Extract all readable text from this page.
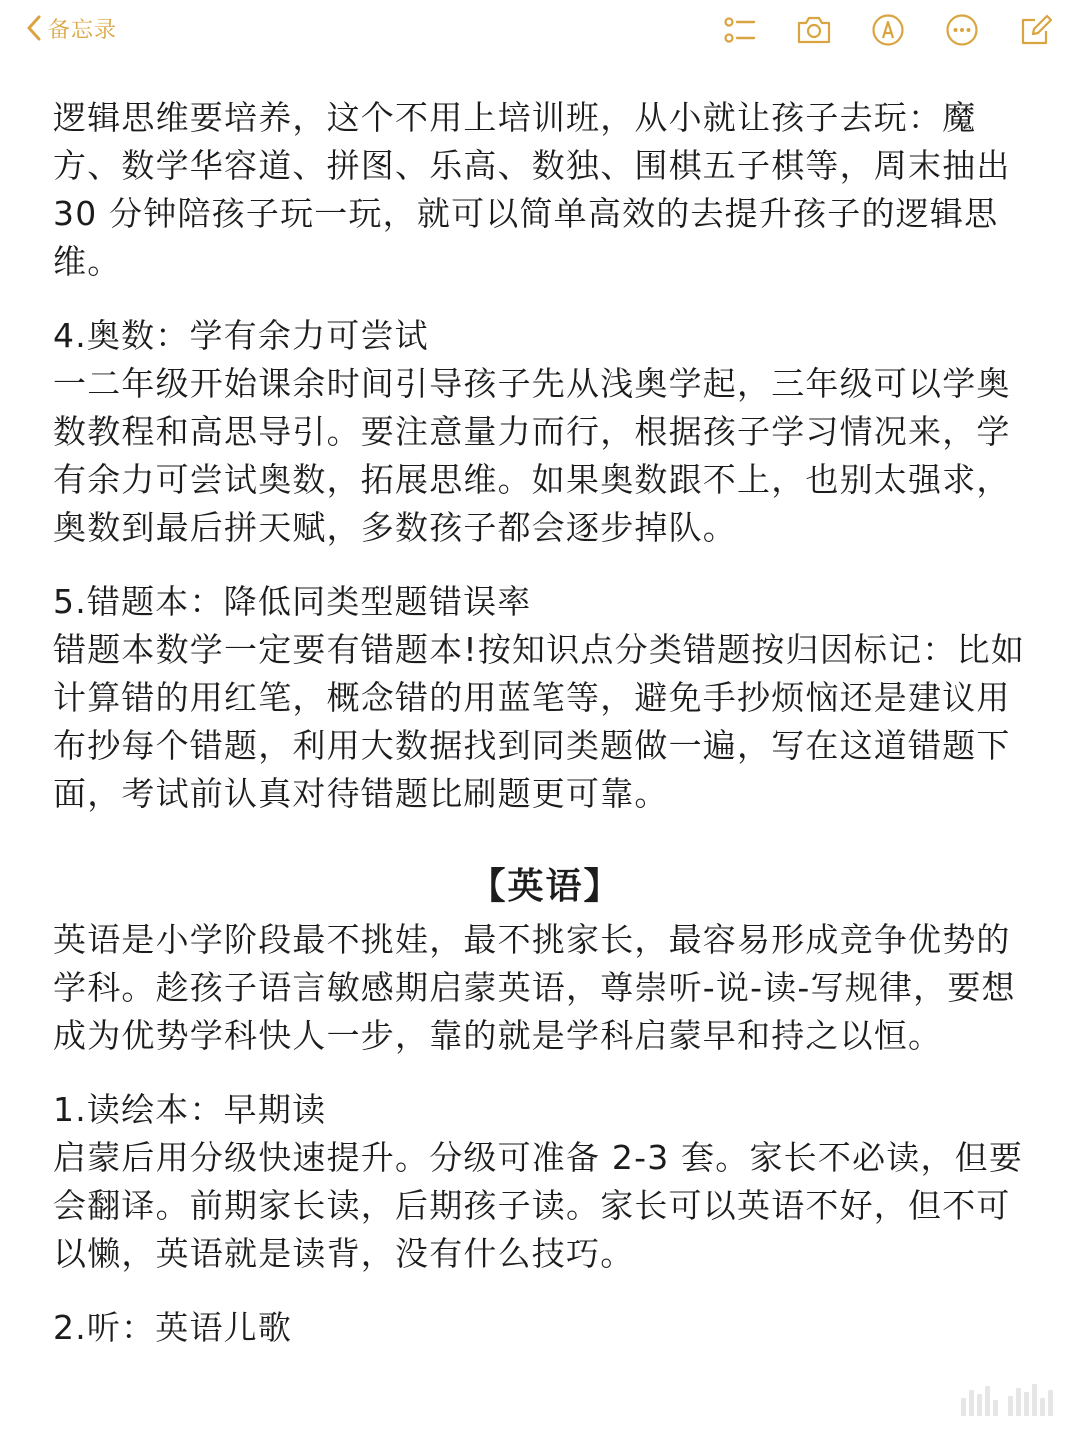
备忘录

逻辑思维要培养，这个不用上培训班，从小就让孩子去玩：魔方、数学华容道、拼图、乐高、数独、围棋五子棋等，周末抽出 30 分钟陪孩子玩一玩，就可以简单高效的去提升孩子的逻辑思维。

4.奥数：学有余力可尝试

一二年级开始课余时间引导孩子先从浅奥学起，三年级可以学奥数教程和高思导引。要注意量力而行，根据孩子学习情况来，学有余力可尝试奥数，拓展思维。如果奥数跟不上，也别太强求，奥数到最后拼天赋，多数孩子都会逐步掉队。

5.错题本：降低同类型题错误率

错题本数学一定要有错题本!按知识点分类错题按归因标记：比如计算错的用红笔，概念错的用蓝笔等，避免手抄烦恼还是建议用布抄每个错题，利用大数据找到同类题做一遍，写在这道错题下面，考试前认真对待错题比刷题更可靠。

【英语】

英语是小学阶段最不挑娃，最不挑家长，最容易形成竞争优势的学科。趁孩子语言敏感期启蒙英语，尊崇听-说-读-写规律，要想成为优势学科快人一步，靠的就是学科启蒙早和持之以恒。

1.读绘本：早期读

启蒙后用分级快速提升。分级可准备 2-3 套。家长不必读，但要会翻译。前期家长读，后期孩子读。家长可以英语不好，但不可以懒，英语就是读背，没有什么技巧。

2.听：英语儿歌
